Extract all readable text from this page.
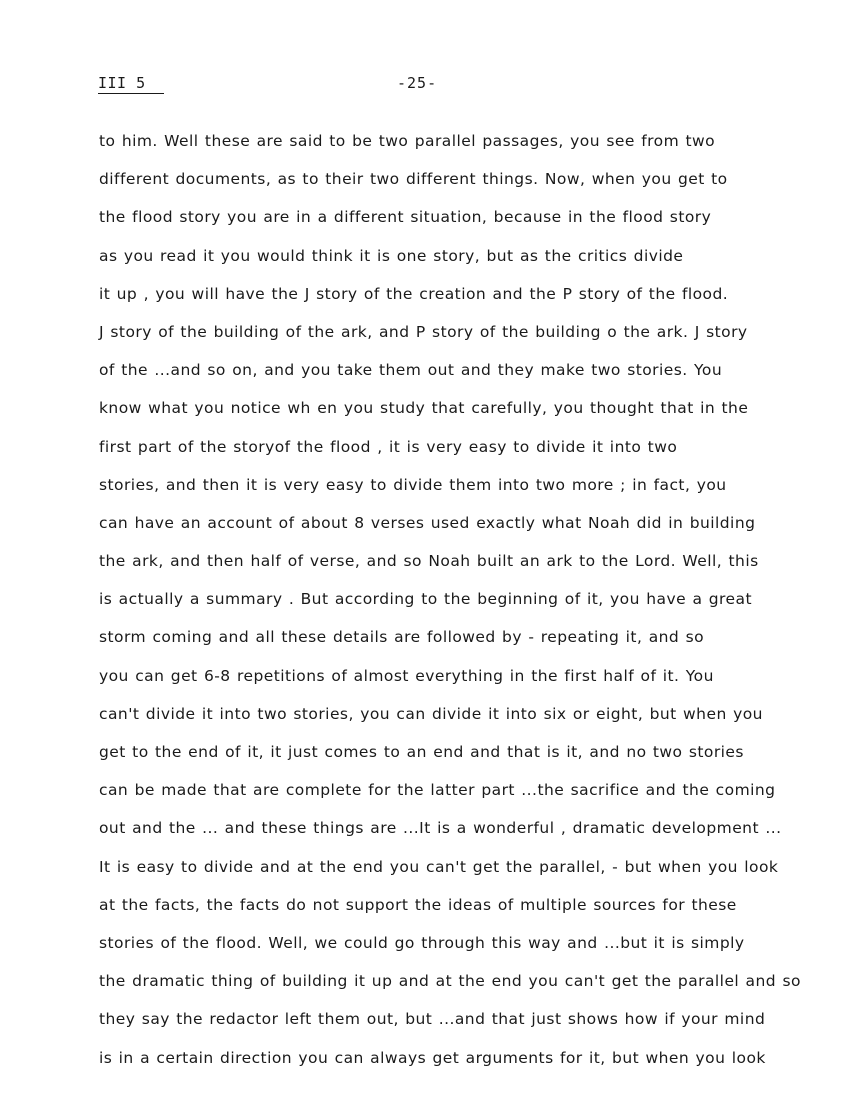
III 5	-25-
to him. Well these are said to be two parallel passages, you see from two
different documents, as to their two different things. Now, when you get to
the flood story you are in a different situation, because in the flood story
as you read it you would think it is one story, but as the critics divide
it up , you will have the J story of the creation and the P story of the flood.
J story of the building of the ark, and P story of the building o the ark. J story
of the ...and so on, and you take them out and they make two stories. You
know what you notice wh en you study that carefully, you thought that in the
first part of the storyof the flood , it is very easy to divide it into two
stories, and then it is very easy to divide them into two more ; in fact, you
can have an account of about 8 verses used exactly what Noah did in building
the ark, and then half of verse, and so Noah built an ark to the Lord. Well, this
is actually a summary . But according to the beginning of it, you have a great
storm coming and all these details are followed by - repeating it, and so
you can get 6-8 repetitions of almost everything in the first half of it. You
can't divide it into two stories, you can divide it into six or eight, but when you
get to the end of it, it just comes to an end and that is it, and no two stories
can be made that are complete for the latter part ...the sacrifice and the coming
out and the ... and these things are ...It is a wonderful , dramatic development ...
It is easy to divide and at the end you can't get the parallel, - but when you look
at the facts, the facts do not support the ideas of multiple sources for these
stories of the flood. Well, we could go through this way and ...but it is simply
the dramatic thing of building it up and at the end you can't get the parallel and so
they say the redactor left them out, but ...and that just shows how if your mind
is in a certain direction you can always get arguments for it, but when you look
